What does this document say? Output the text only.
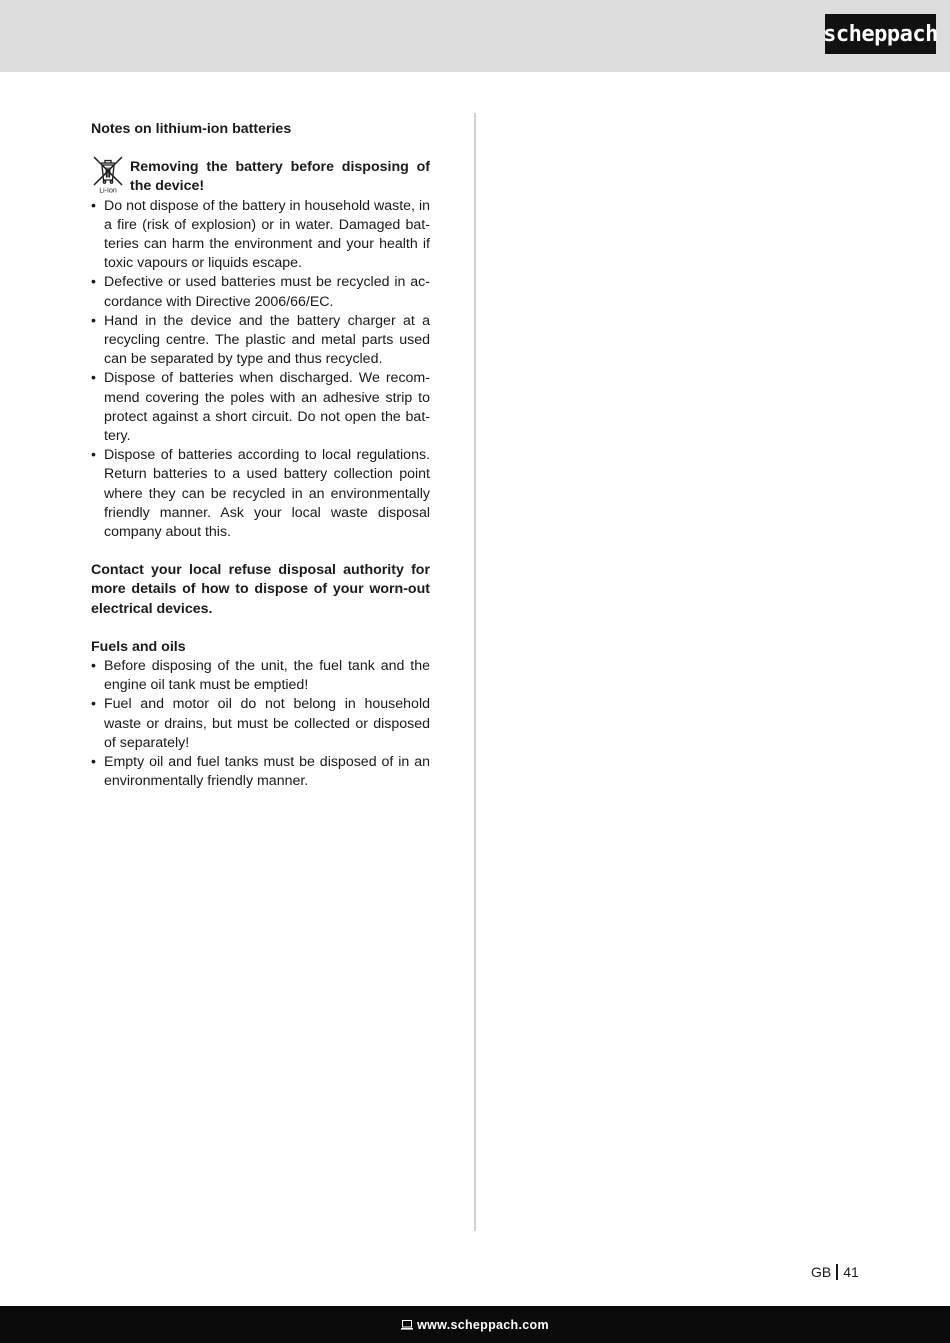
scheppach

Notes on lithium-ion batteries

Li-Ion
Removing the battery before disposing of the device!
• Do not dispose of the battery in household waste, in a fire (risk of explosion) or in water. Damaged batteries can harm the environment and your health if toxic vapours or liquids escape.
• Defective or used batteries must be recycled in accordance with Directive 2006/66/EC.
• Hand in the device and the battery charger at a recycling centre. The plastic and metal parts used can be separated by type and thus recycled.
• Dispose of batteries when discharged. We recommend covering the poles with an adhesive strip to protect against a short circuit. Do not open the battery.
• Dispose of batteries according to local regulations. Return batteries to a used battery collection point where they can be recycled in an environmentally friendly manner. Ask your local waste disposal company about this.

Contact your local refuse disposal authority for more details of how to dispose of your worn-out electrical devices.

Fuels and oils

• Before disposing of the unit, the fuel tank and the engine oil tank must be emptied!
• Fuel and motor oil do not belong in household waste or drains, but must be collected or disposed of separately!
• Empty oil and fuel tanks must be disposed of in an environmentally friendly manner.
GB 41
www.scheppach.com
